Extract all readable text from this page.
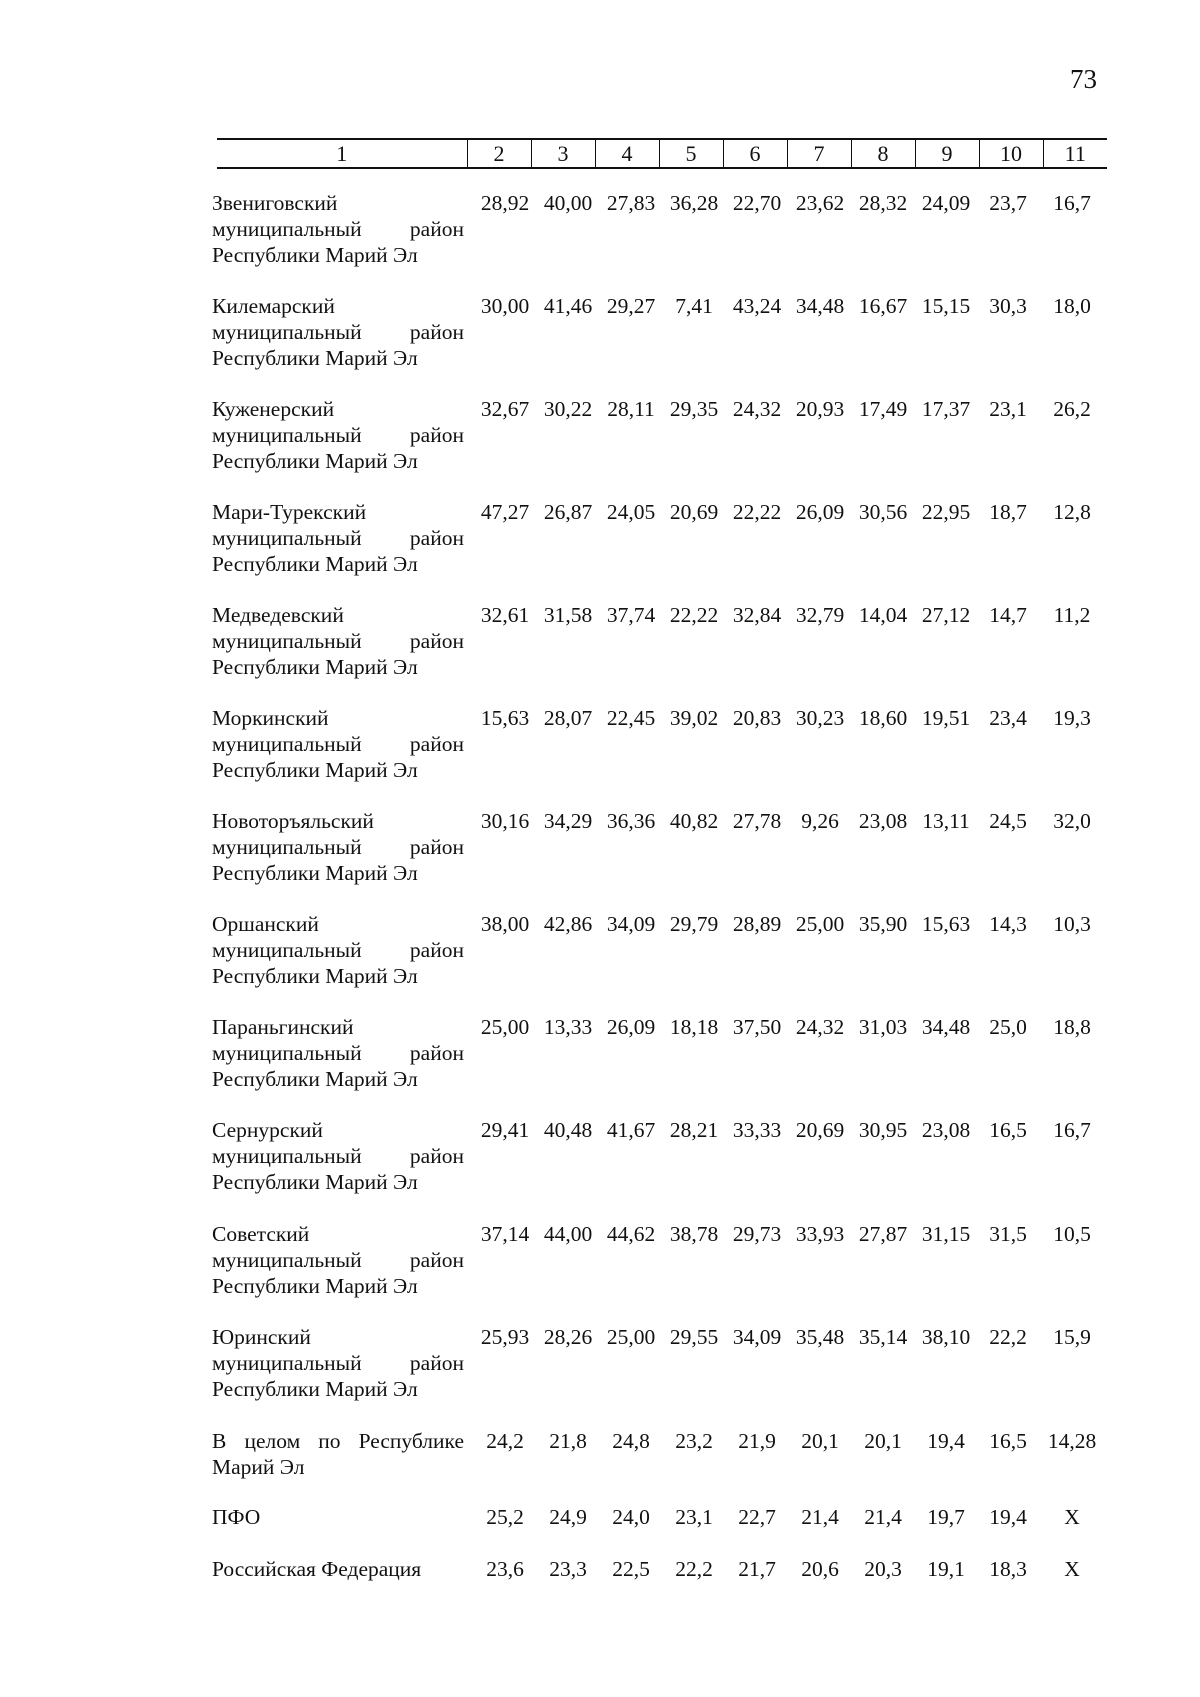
73
1	2	3	4	5	6	7	8	9	10	11
Звениговский
муниципальный район
Республики Марий Эл
28,92 40,00 27,83 36,28 22,70 23,62 28,32 24,09 23,7	16,7
Килемарский
муниципальный район
Республики Марий Эл
30,00 41,46 29,27 7,41 43,24 34,48 16,67 15,15 30,3	18,0
Куженерский
муниципальный район
Республики Марий Эл
32,67 30,22 28,11 29,35 24,32 20,93 17,49 17,37 23,1	26,2
Мари-Турекский
муниципальный район
Республики Марий Эл
47,27 26,87 24,05 20,69 22,22 26,09 30,56 22,95 18,7	12,8
Медведевский
муниципальный район
Республики Марий Эл
32,61 31,58 37,74 22,22 32,84 32,79 14,04 27,12 14,7	11,2
Моркинский
муниципальный район
Республики Марий Эл
15,63 28,07 22,45 39,02 20,83 30,23 18,60 19,51 23,4	19,3
Новоторъяльский
муниципальный район
Республики Марий Эл
30,16 34,29 36,36 40,82 27,78 9,26 23,08 13,11 24,5	32,0
Оршанский
муниципальный район
Республики Марий Эл
38,00 42,86 34,09 29,79 28,89 25,00 35,90 15,63 14,3	10,3
Параньгинский
муниципальный район
Республики Марий Эл
25,00 13,33 26,09 18,18 37,50 24,32 31,03 34,48 25,0	18,8
Сернурский
муниципальный район
Республики Марий Эл
29,41 40,48 41,67 28,21 33,33 20,69 30,95 23,08 16,5	16,7
Советский
муниципальный район
Республики Марий Эл
37,14 44,00 44,62 38,78 29,73 33,93 27,87 31,15 31,5	10,5
Юринский
муниципальный район
Республики Марий Эл
25,93 28,26 25,00 29,55 34,09 35,48 35,14 38,10 22,2	15,9
В целом по Республике
Марий Эл
24,2	21,8	24,8	23,2	21,9	20,1	20,1	19,4	16,5 14,28
ПФО	25,2	24,9	24,0	23,1	22,7	21,4	21,4	19,7	19,4	X
Российская Федерация	23,6	23,3	22,5	22,2	21,7	20,6	20,3	19,1	18,3	X
